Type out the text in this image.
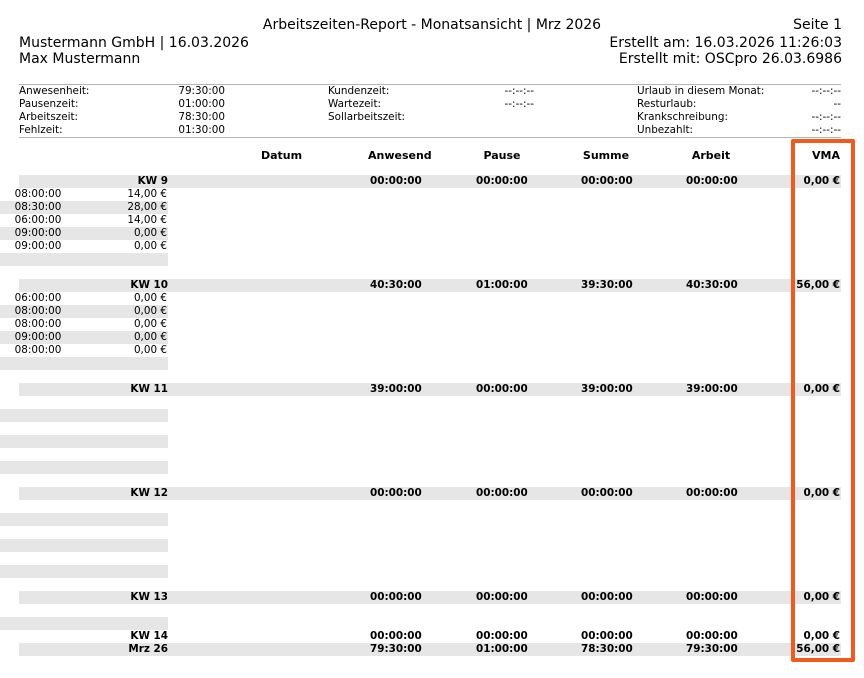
Arbeitszeiten-Report - Monatsansicht | Mrz 2026	Seite 1
Mustermann GmbH | 16.03.2026
Max Mustermann
Erstellt am: 16.03.2026 11:26:03
Erstellt mit: OSCpro 26.03.6986
Anwesenheit:	79:30:00
Pausenzeit:	01:00:00
Arbeitszeit:	78:30:00
Fehlzeit:	01:30:00
Kundenzeit:	--:--:--
Wartezeit:	--:--:--
Sollarbeitszeit:
Urlaub in diesem Monat:	--:--:--
Resturlaub:	--
Krankschreibung:	--:--:--
Unbezahlt:	--:--:--
Datum	Anwesend	Pause	Summe	Arbeit	VMA
KW 9	00:00:00	00:00:00	00:00:00	00:00:00	0,00 €
08:00:00	14,00 €
08:30:00	28,00 €
06:00:00	14,00 €
09:00:00	0,00 €
09:00:00	0,00 €
KW 10	40:30:00	01:00:00	39:30:00	40:30:00	56,00 €
06:00:00	0,00 €
08:00:00	0,00 €
08:00:00	0,00 €
09:00:00	0,00 €
08:00:00	0,00 €
KW 11	39:00:00	00:00:00	39:00:00	39:00:00	0,00 €
KW 12	00:00:00	00:00:00	00:00:00	00:00:00	0,00 €
KW 13	00:00:00	00:00:00	00:00:00	00:00:00	0,00 €
KW 14	00:00:00	00:00:00	00:00:00	00:00:00	0,00 €
Mrz 26	79:30:00	01:00:00	78:30:00	79:30:00	56,00 €
